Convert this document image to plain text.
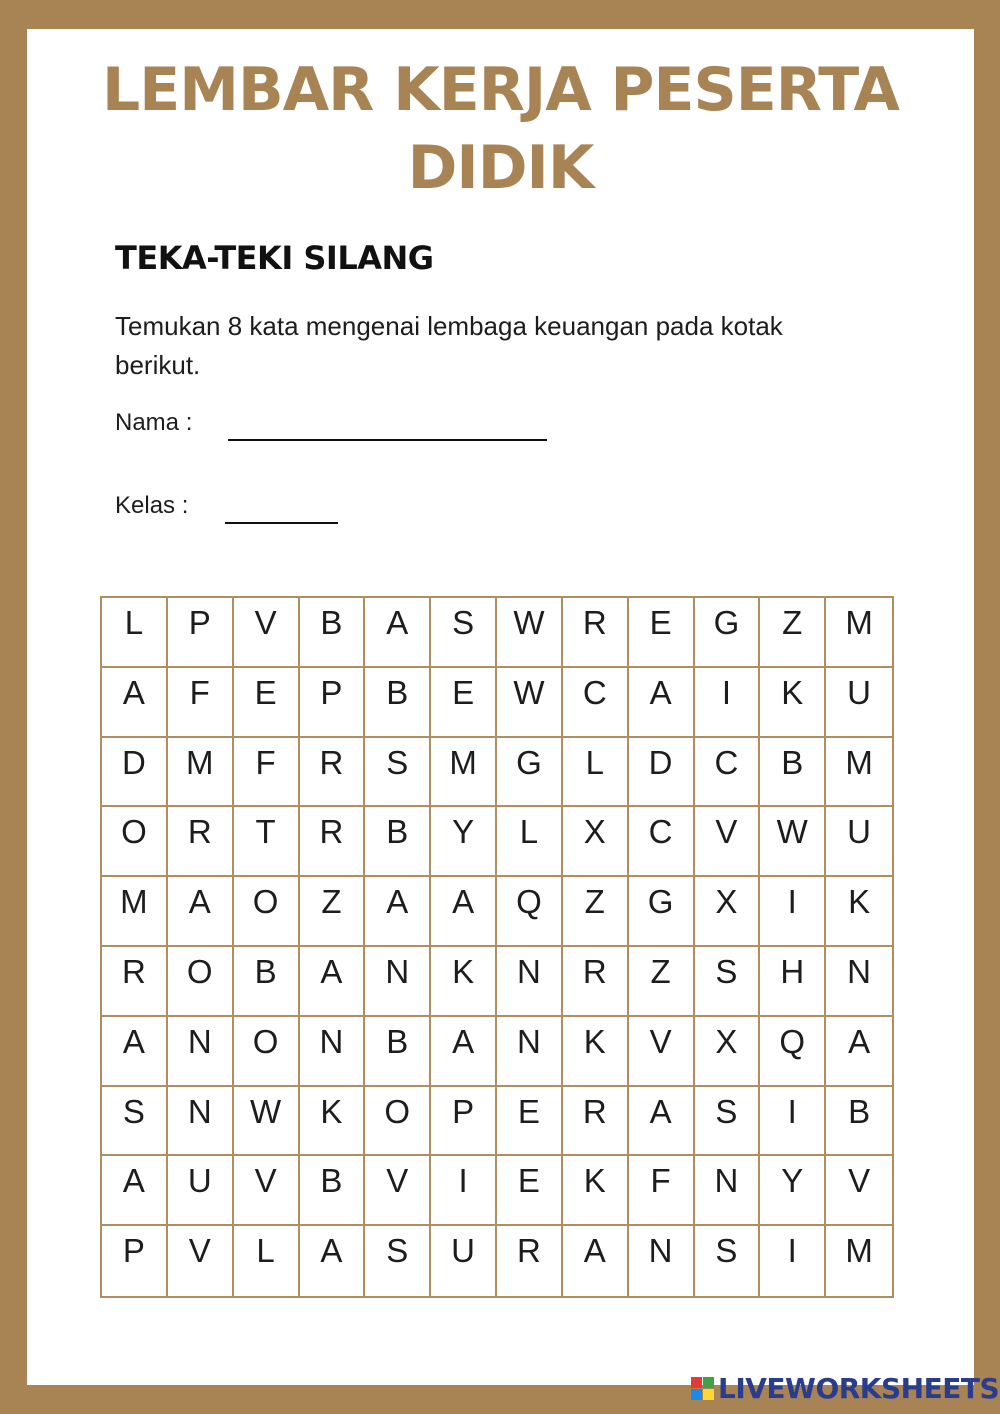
LEMBAR KERJA PESERTA
DIDIK
TEKA-TEKI SILANG
Temukan 8 kata mengenai lembaga keuangan pada kotak berikut.
Nama :
Kelas :
L	P	V	B	A	S	W	R	E	G	Z	M
A	F	E	P	B	E	W	C	A	I	K	U
D	M	F	R	S	M	G	L	D	C	B	M
O	R	T	R	B	Y	L	X	C	V	W	U
M	A	O	Z	A	A	Q	Z	G	X	I	K
R	O	B	A	N	K	N	R	Z	S	H	N
A	N	O	N	B	A	N	K	V	X	Q	A
S	N	W	K	O	P	E	R	A	S	I	B
A	U	V	B	V	I	E	K	F	N	Y	V
P	V	L	A	S	U	R	A	N	S	I	M
LIVEWORKSHEETS
